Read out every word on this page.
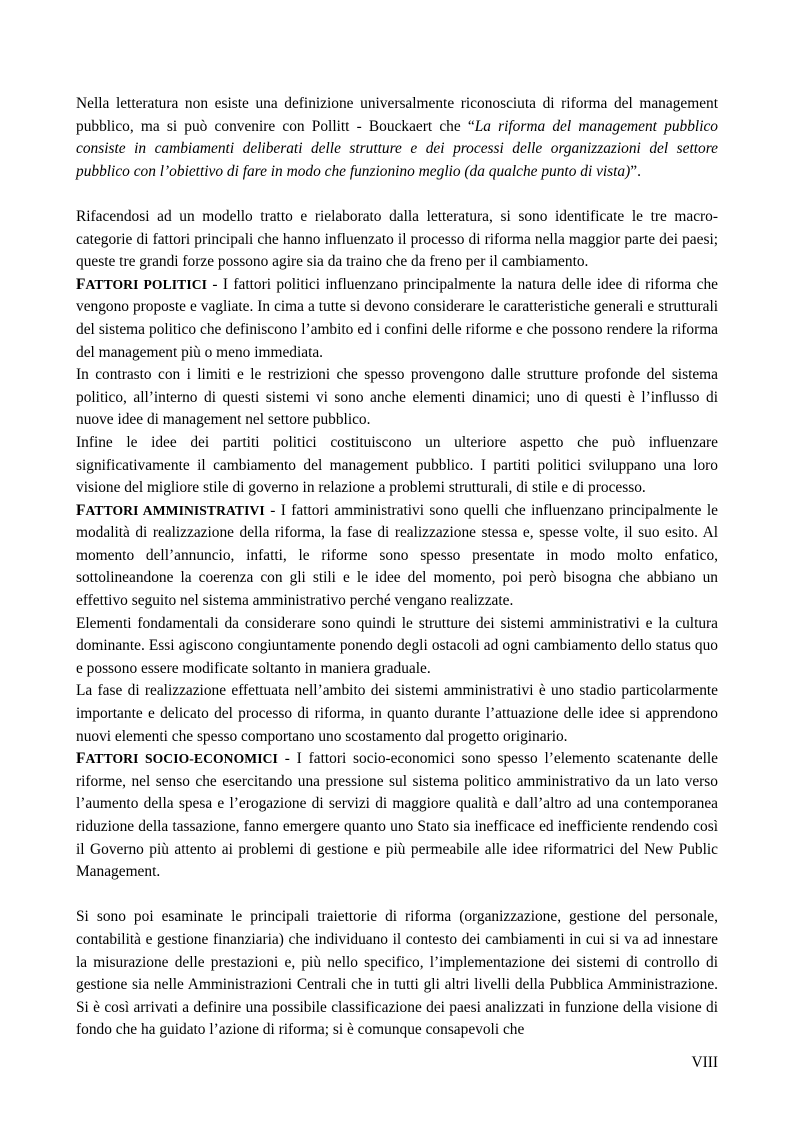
Nella letteratura non esiste una definizione universalmente riconosciuta di riforma del management pubblico, ma si può convenire con Pollitt - Bouckaert che “La riforma del management pubblico consiste in cambiamenti deliberati delle strutture e dei processi delle organizzazioni del settore pubblico con l’obiettivo di fare in modo che funzionino meglio (da qualche punto di vista)”.

Rifacendosi ad un modello tratto e rielaborato dalla letteratura, si sono identificate le tre macro-categorie di fattori principali che hanno influenzato il processo di riforma nella maggior parte dei paesi; queste tre grandi forze possono agire sia da traino che da freno per il cambiamento.

FATTORI POLITICI - I fattori politici influenzano principalmente la natura delle idee di riforma che vengono proposte e vagliate. In cima a tutte si devono considerare le caratteristiche generali e strutturali del sistema politico che definiscono l’ambito ed i confini delle riforme e che possono rendere la riforma del management più o meno immediata.

In contrasto con i limiti e le restrizioni che spesso provengono dalle strutture profonde del sistema politico, all’interno di questi sistemi vi sono anche elementi dinamici; uno di questi è l’influsso di nuove idee di management nel settore pubblico.

Infine le idee dei partiti politici costituiscono un ulteriore aspetto che può influenzare significativamente il cambiamento del management pubblico. I partiti politici sviluppano una loro visione del migliore stile di governo in relazione a problemi strutturali, di stile e di processo.

FATTORI AMMINISTRATIVI - I fattori amministrativi sono quelli che influenzano principalmente le modalità di realizzazione della riforma, la fase di realizzazione stessa e, spesse volte, il suo esito. Al momento dell’annuncio, infatti, le riforme sono spesso presentate in modo molto enfatico, sottolineandone la coerenza con gli stili e le idee del momento, poi però bisogna che abbiano un effettivo seguito nel sistema amministrativo perché vengano realizzate.

Elementi fondamentali da considerare sono quindi le strutture dei sistemi amministrativi e la cultura dominante. Essi agiscono congiuntamente ponendo degli ostacoli ad ogni cambiamento dello status quo e possono essere modificate soltanto in maniera graduale.

La fase di realizzazione effettuata nell’ambito dei sistemi amministrativi è uno stadio particolarmente importante e delicato del processo di riforma, in quanto durante l’attuazione delle idee si apprendono nuovi elementi che spesso comportano uno scostamento dal progetto originario.

FATTORI SOCIO-ECONOMICI - I fattori socio-economici sono spesso l’elemento scatenante delle riforme, nel senso che esercitando una pressione sul sistema politico amministrativo da un lato verso l’aumento della spesa e l’erogazione di servizi di maggiore qualità e dall’altro ad una contemporanea riduzione della tassazione, fanno emergere quanto uno Stato sia inefficace ed inefficiente rendendo così il Governo più attento ai problemi di gestione e più permeabile alle idee riformatrici del New Public Management.

Si sono poi esaminate le principali traiettorie di riforma (organizzazione, gestione del personale, contabilità e gestione finanziaria) che individuano il contesto dei cambiamenti in cui si va ad innestare la misurazione delle prestazioni e, più nello specifico, l’implementazione dei sistemi di controllo di gestione sia nelle Amministrazioni Centrali che in tutti gli altri livelli della Pubblica Amministrazione. Si è così arrivati a definire una possibile classificazione dei paesi analizzati in funzione della visione di fondo che ha guidato l’azione di riforma; si è comunque consapevoli che

VIII
